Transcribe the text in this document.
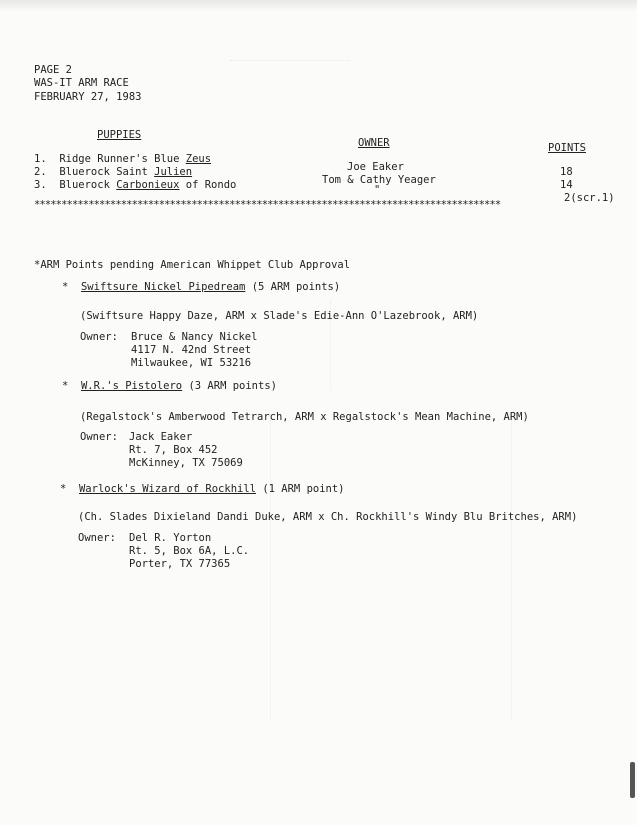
PAGE 2
WAS-IT ARM RACE
FEBRUARY 27, 1983
PUPPIES
OWNER	POINTS
1. Ridge Runner's Blue Zeus
2. Bluerock Saint Julien
3. Bluerock Carbonieux of Rondo
Joe Eaker
Tom & Cathy Yeager
"
18
14
2(scr.1)
**************************************************************************************
*ARM Points pending American Whippet Club Approval
* Swiftsure Nickel Pipedream (5 ARM points)
(Swiftsure Happy Daze, ARM x Slade's Edie-Ann O'Lazebrook, ARM)
Owner: Bruce & Nancy Nickel
4117 N. 42nd Street
Milwaukee, WI 53216
* W.R.'s Pistolero (3 ARM points)
(Regalstock's Amberwood Tetrarch, ARM x Regalstock's Mean Machine, ARM)
Owner: Jack Eaker
Rt. 7, Box 452
McKinney, TX 75069
* Warlock's Wizard of Rockhill (1 ARM point)
(Ch. Slades Dixieland Dandi Duke, ARM x Ch. Rockhill's Windy Blu Britches, ARM)
Owner: Del R. Yorton
Rt. 5, Box 6A, L.C.
Porter, TX 77365
